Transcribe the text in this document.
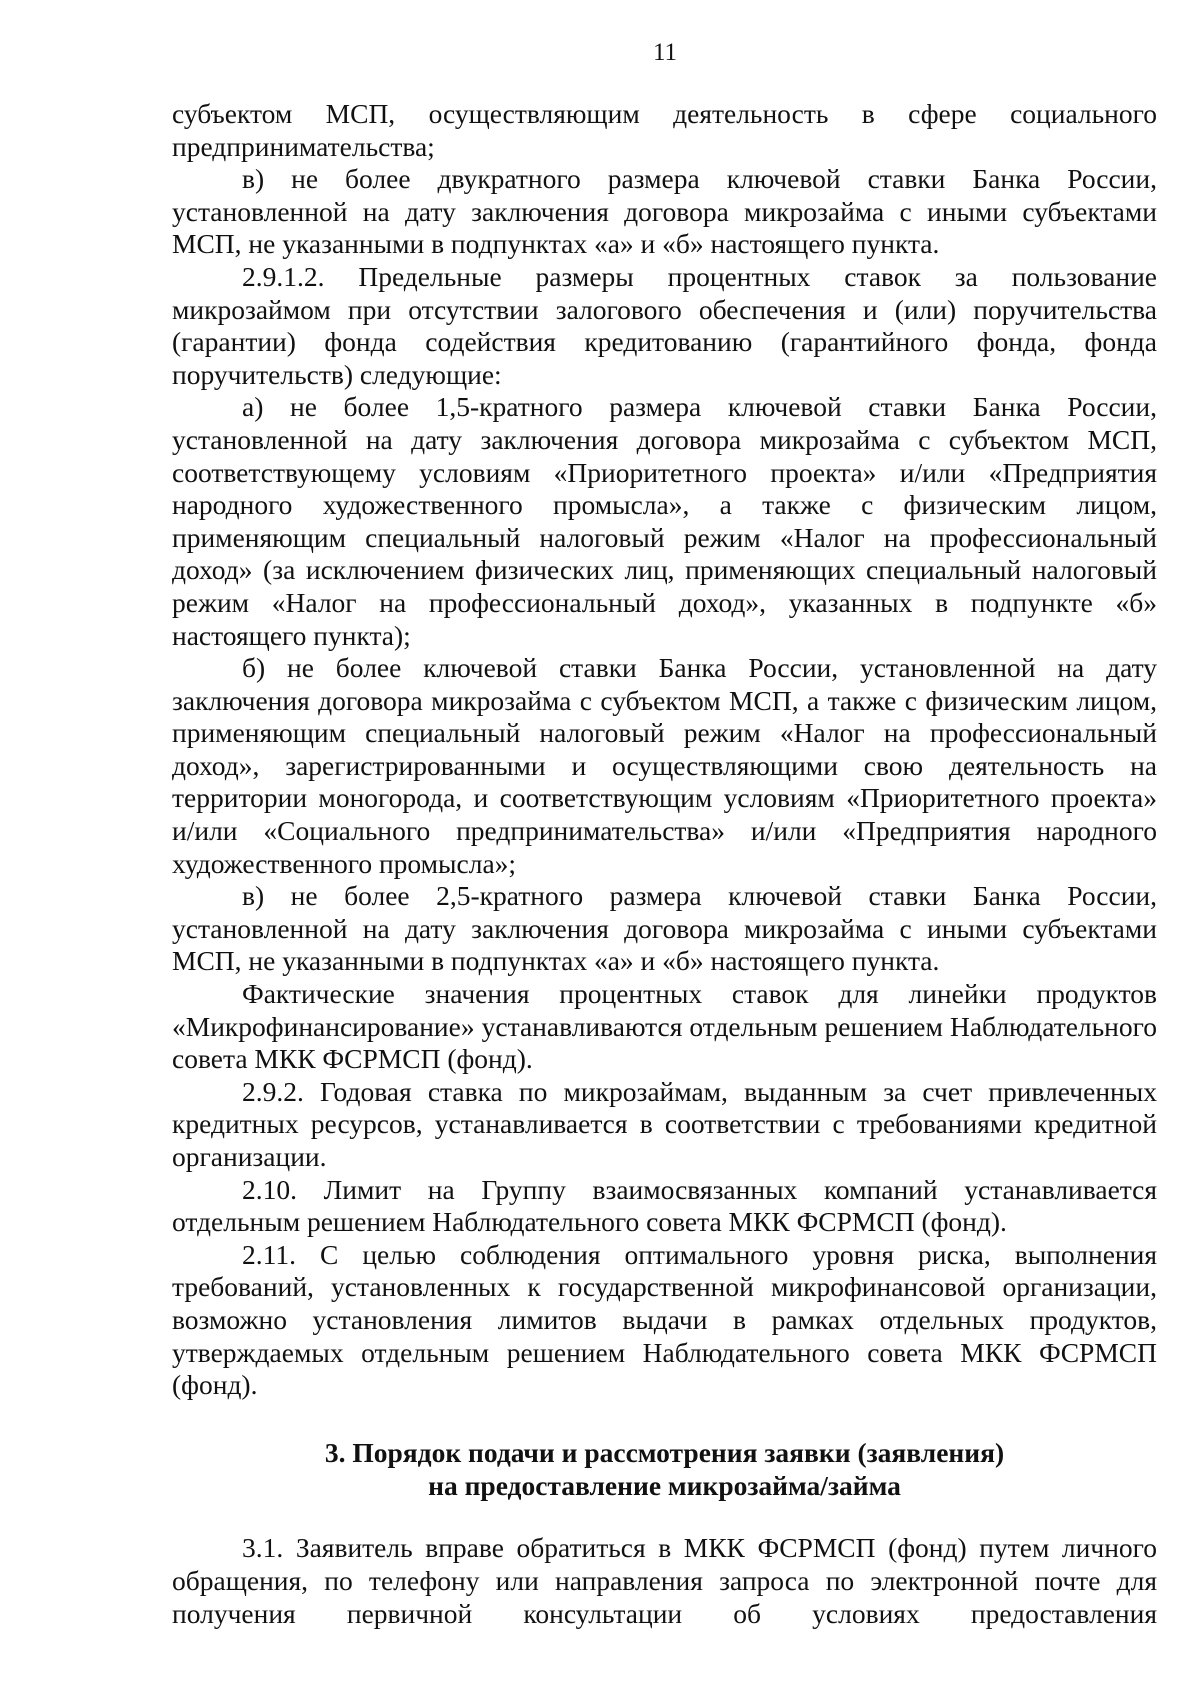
11

субъектом МСП, осуществляющим деятельность в сфере социального предпринимательства;

в) не более двукратного размера ключевой ставки Банка России, установленной на дату заключения договора микрозайма с иными субъектами МСП, не указанными в подпунктах «а» и «б» настоящего пункта.

2.9.1.2. Предельные размеры процентных ставок за пользование микрозаймом при отсутствии залогового обеспечения и (или) поручительства (гарантии) фонда содействия кредитованию (гарантийного фонда, фонда поручительств) следующие:

а) не более 1,5-кратного размера ключевой ставки Банка России, установленной на дату заключения договора микрозайма с субъектом МСП, соответствующему условиям «Приоритетного проекта» и/или «Предприятия народного художественного промысла», а также с физическим лицом, применяющим специальный налоговый режим «Налог на профессиональный доход» (за исключением физических лиц, применяющих специальный налоговый режим «Налог на профессиональный доход», указанных в подпункте «б» настоящего пункта);

б) не более ключевой ставки Банка России, установленной на дату заключения договора микрозайма с субъектом МСП, а также с физическим лицом, применяющим специальный налоговый режим «Налог на профессиональный доход», зарегистрированными и осуществляющими свою деятельность на территории моногорода, и соответствующим условиям «Приоритетного проекта» и/или «Социального предпринимательства» и/или «Предприятия народного художественного промысла»;

в) не более 2,5-кратного размера ключевой ставки Банка России, установленной на дату заключения договора микрозайма с иными субъектами МСП, не указанными в подпунктах «а» и «б» настоящего пункта.

Фактические значения процентных ставок для линейки продуктов «Микрофинансирование» устанавливаются отдельным решением Наблюдательного совета МКК ФСРМСП (фонд).

2.9.2. Годовая ставка по микрозаймам, выданным за счет привлеченных кредитных ресурсов, устанавливается в соответствии с требованиями кредитной организации.

2.10. Лимит на Группу взаимосвязанных компаний устанавливается отдельным решением Наблюдательного совета МКК ФСРМСП (фонд).

2.11. С целью соблюдения оптимального уровня риска, выполнения требований, установленных к государственной микрофинансовой организации, возможно установления лимитов выдачи в рамках отдельных продуктов, утверждаемых отдельным решением Наблюдательного совета МКК ФСРМСП (фонд).

3. Порядок подачи и рассмотрения заявки (заявления)
на предоставление микрозайма/займа

3.1. Заявитель вправе обратиться в МКК ФСРМСП (фонд) путем личного обращения, по телефону или направления запроса по электронной почте для получения первичной консультации об условиях предоставления
